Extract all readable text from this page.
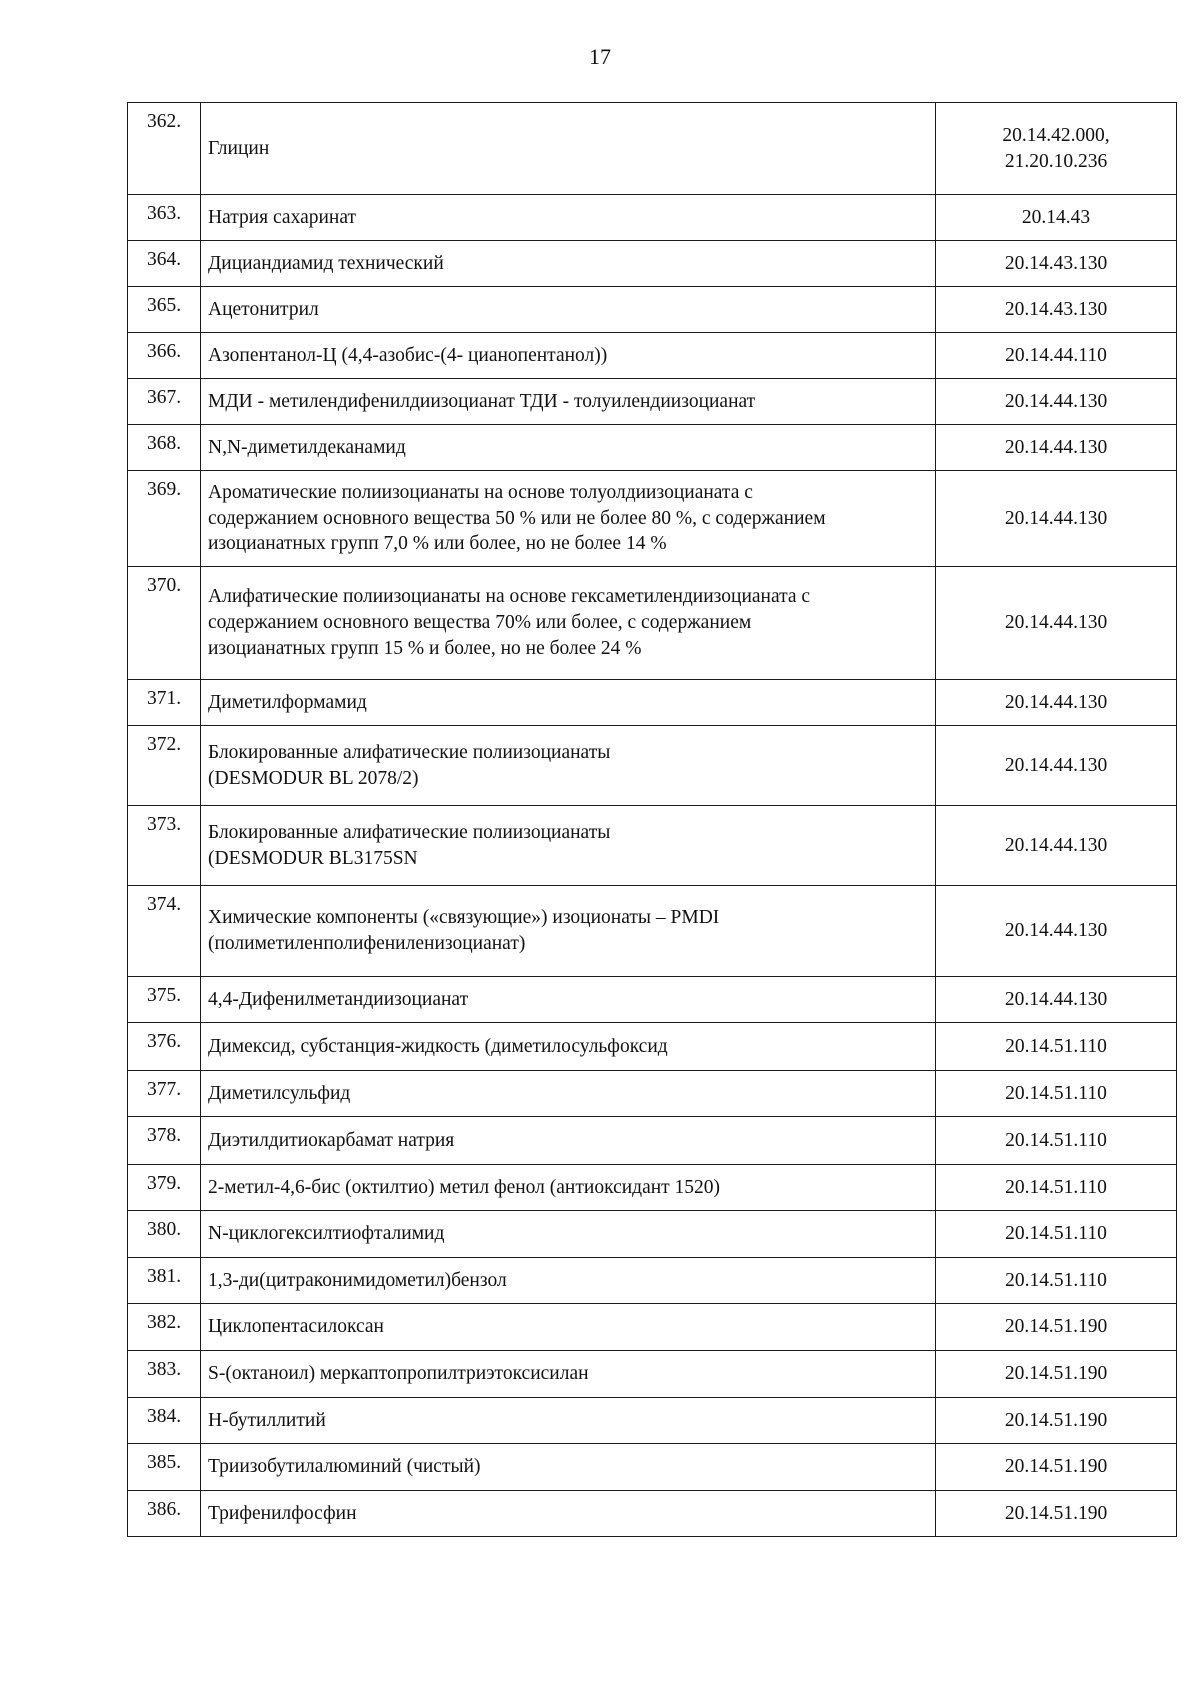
17
362.	Глицин	20.14.42.000,
21.20.10.236

363.	Натрия сахаринат	20.14.43

364.	Дициандиамид технический	20.14.43.130

365.	Ацетонитрил	20.14.43.130

366.	Азопентанол-Ц (4,4-азобис-(4- цианопентанол))	20.14.44.110

367.	МДИ - метилендифенилдиизоцианат ТДИ - толуилендиизоцианат	20.14.44.130

368.	N,N-диметилдеканамид	20.14.44.130

369.	Ароматические полиизоцианаты на основе толуолдиизоцианата с
содержанием основного вещества 50 % или не более 80 %, с содержанием
изоцианатных групп 7,0 % или более, но не более 14 %	20.14.44.130

370.	Алифатические полиизоцианаты на основе гексаметилендиизоцианата с
содержанием основного вещества 70% или более, с содержанием
изоцианатных групп 15 % и более, но не более 24 %	20.14.44.130

371.	Диметилформамид	20.14.44.130

372.	Блокированные алифатические полиизоцианаты
(DESMODUR BL 2078/2)	20.14.44.130

373.	Блокированные алифатические полиизоцианаты
(DESMODUR BL3175SN	20.14.44.130

374.	Химические компоненты («связующие») изоционаты – PMDI
(полиметиленполифениленизоцианат)	20.14.44.130

375.	4,4-Дифенилметандиизоцианат	20.14.44.130

376.	Димексид, субстанция-жидкость (диметилосульфоксид	20.14.51.110

377.	Диметилсульфид	20.14.51.110

378.	Диэтилдитиокарбамат натрия	20.14.51.110

379.	2-метил-4,6-бис (октилтио) метил фенол (антиоксидант 1520)	20.14.51.110

380.	N-циклогексилтиофталимид	20.14.51.110

381.	1,3-ди(цитраконимидометил)бензол	20.14.51.110

382.	Циклопентасилоксан	20.14.51.190

383.	S-(октаноил) меркаптопропилтриэтоксисилан	20.14.51.190

384.	Н-бутиллитий	20.14.51.190

385.	Триизобутилалюминий (чистый)	20.14.51.190

386.	Трифенилфосфин	20.14.51.190
